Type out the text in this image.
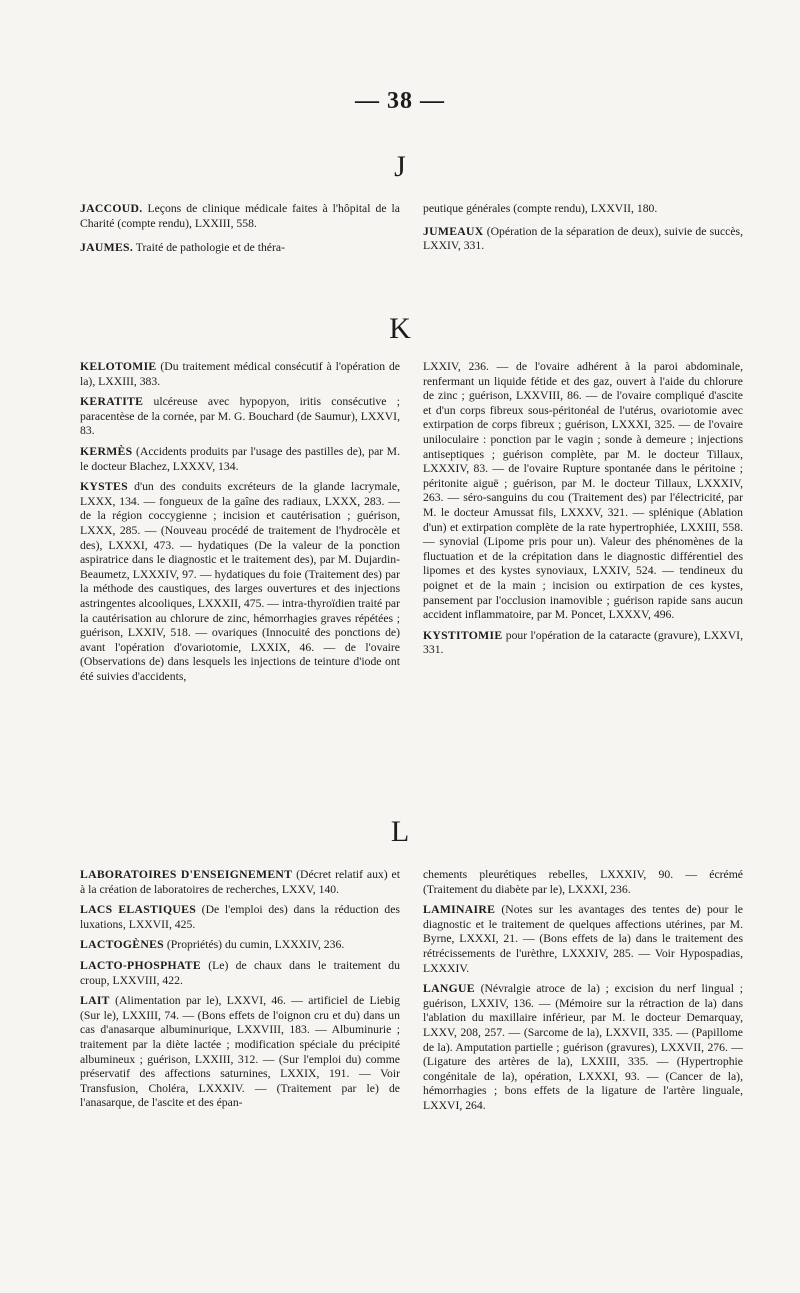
— 38 —
J

JACCOUD. Leçons de clinique médicale faites à l'hôpital de la Charité (compte rendu), LXXIII, 558.

JAUMES. Traité de pathologie et de théra-

peutique générales (compte rendu), LXXVII, 180.

JUMEAUX (Opération de la séparation de deux), suivie de succès, LXXIV, 331.

K

KELOTOMIE (Du traitement médical consécutif à l'opération de la), LXXIII, 383.

KERATITE ulcéreuse avec hypopyon, iritis consécutive ; paracentèse de la cornée, par M. G. Bouchard (de Saumur), LXXVI, 83.

KERMÈS (Accidents produits par l'usage des pastilles de), par M. le docteur Blachez, LXXXV, 134.

KYSTES d'un des conduits excréteurs de la glande lacrymale, LXXX, 134. — fongueux de la gaîne des radiaux, LXXX, 283. — de la région coccygienne ; incision et cautérisation ; guérison, LXXX, 285. — (Nouveau procédé de traitement de l'hydrocèle et des), LXXXI, 473. — hydatiques (De la valeur de la ponction aspiratrice dans le diagnostic et le traitement des), par M. Dujardin-Beaumetz, LXXXIV, 97. — hydatiques du foie (Traitement des) par la méthode des caustiques, des larges ouvertures et des injections astringentes alcooliques, LXXXII, 475. — intra-thyroïdien traité par la cautérisation au chlorure de zinc, hémorrhagies graves répétées ; guérison, LXXIV, 518. — ovariques (Innocuité des ponctions de) avant l'opération d'ovariotomie, LXXIX, 46. — de l'ovaire (Observations de) dans lesquels les injections de teinture d'iode ont été suivies d'accidents,

LXXIV, 236. — de l'ovaire adhérent à la paroi abdominale, renfermant un liquide fétide et des gaz, ouvert à l'aide du chlorure de zinc ; guérison, LXXVIII, 86. — de l'ovaire compliqué d'ascite et d'un corps fibreux sous-péritonéal de l'utérus, ovariotomie avec extirpation de corps fibreux ; guérison, LXXXI, 325. — de l'ovaire uniloculaire : ponction par le vagin ; sonde à demeure ; injections antiseptiques ; guérison complète, par M. le docteur Tillaux, LXXXIV, 83. — de l'ovaire Rupture spontanée dans le péritoine ; péritonite aiguë ; guérison, par M. le docteur Tillaux, LXXXIV, 263. — séro-sanguins du cou (Traitement des) par l'électricité, par M. le docteur Amussat fils, LXXXV, 321. — splénique (Ablation d'un) et extirpation complète de la rate hypertrophiée, LXXIII, 558. — synovial (Lipome pris pour un). Valeur des phénomènes de la fluctuation et de la crépitation dans le diagnostic différentiel des lipomes et des kystes synoviaux, LXXIV, 524. — tendineux du poignet et de la main ; incision ou extirpation de ces kystes, pansement par l'occlusion inamovible ; guérison rapide sans aucun accident inflammatoire, par M. Poncet, LXXXV, 496.

KYSTITOMIE pour l'opération de la cataracte (gravure), LXXVI, 331.

L

LABORATOIRES D'ENSEIGNEMENT (Décret relatif aux) et à la création de laboratoires de recherches, LXXV, 140.

LACS ELASTIQUES (De l'emploi des) dans la réduction des luxations, LXXVII, 425.

LACTOGÈNES (Propriétés) du cumin, LXXXIV, 236.

LACTO-PHOSPHATE (Le) de chaux dans le traitement du croup, LXXVIII, 422.

LAIT (Alimentation par le), LXXVI, 46. — artificiel de Liebig (Sur le), LXXIII, 74. — (Bons effets de l'oignon cru et du) dans un cas d'anasarque albuminurique, LXXVIII, 183. — Albuminurie ; traitement par la diète lactée ; modification spéciale du précipité albumineux ; guérison, LXXIII, 312. — (Sur l'emploi du) comme préservatif des affections saturnines, LXXIX, 191. — Voir Transfusion, Choléra, LXXXIV. — (Traitement par le) de l'anasarque, de l'ascite et des épan-

chements pleurétiques rebelles, LXXXIV, 90. — écrémé (Traitement du diabète par le), LXXXI, 236.

LAMINAIRE (Notes sur les avantages des tentes de) pour le diagnostic et le traitement de quelques affections utérines, par M. Byrne, LXXXI, 21. — (Bons effets de la) dans le traitement des rétrécissements de l'urèthre, LXXXIV, 285. — Voir Hypospadias, LXXXIV.

LANGUE (Névralgie atroce de la) ; excision du nerf lingual ; guérison, LXXIV, 136. — (Mémoire sur la rétraction de la) dans l'ablation du maxillaire inférieur, par M. le docteur Demarquay, LXXV, 208, 257. — (Sarcome de la), LXXVII, 335. — (Papillome de la). Amputation partielle ; guérison (gravures), LXXVII, 276. — (Ligature des artères de la), LXXIII, 335. — (Hypertrophie congénitale de la), opération, LXXXI, 93. — (Cancer de la), hémorrhagies ; bons effets de la ligature de l'artère linguale, LXXVI, 264.
